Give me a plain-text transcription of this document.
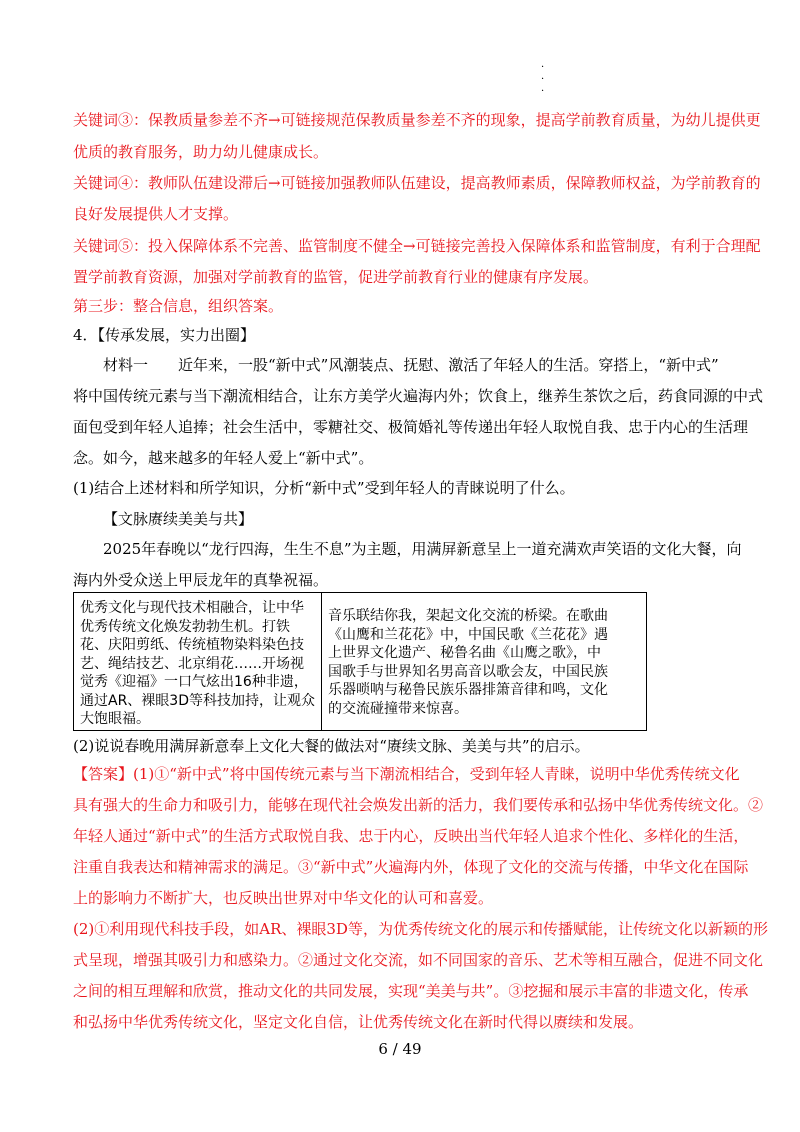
·
·
·
关键词③：保教质量参差不齐→可链接规范保教质量参差不齐的现象，提高学前教育质量，为幼儿提供更
优质的教育服务，助力幼儿健康成长。
关键词④：教师队伍建设滞后→可链接加强教师队伍建设，提高教师素质，保障教师权益，为学前教育的
良好发展提供人才支撑。
关键词⑤：投入保障体系不完善、监管制度不健全→可链接完善投入保障体系和监管制度，有利于合理配
置学前教育资源，加强对学前教育的监管，促进学前教育行业的健康有序发展。
第三步：整合信息，组织答案。
4．【传承发展，实力出圈】
材料一　　近年来，一股“新中式”风潮装点、抚慰、激活了年轻人的生活。穿搭上，“新中式”
将中国传统元素与当下潮流相结合，让东方美学火遍海内外；饮食上，继养生茶饮之后，药食同源的中式
面包受到年轻人追捧；社会生活中，零糖社交、极简婚礼等传递出年轻人取悦自我、忠于内心的生活理
念。如今，越来越多的年轻人爱上“新中式”。
(1)结合上述材料和所学知识，分析“新中式”受到年轻人的青睐说明了什么。
【文脉赓续美美与共】
2025年春晚以“龙行四海，生生不息”为主题，用满屏新意呈上一道充满欢声笑语的文化大餐，向
海内外受众送上甲辰龙年的真挚祝福。
优秀文化与现代技术相融合，让中华
优秀传统文化焕发勃勃生机。打铁
花、庆阳剪纸、传统植物染料染色技
艺、绳结技艺、北京绢花……开场视
觉秀《迎福》一口气炫出16种非遗，
通过AR、裸眼3D等科技加持，让观众
大饱眼福。
音乐联结你我，架起文化交流的桥梁。在歌曲
《山鹰和兰花花》中，中国民歌《兰花花》遇
上世界文化遗产、秘鲁名曲《山鹰之歌》，中
国歌手与世界知名男高音以歌会友，中国民族
乐器唢呐与秘鲁民族乐器排箫音律和鸣，文化
的交流碰撞带来惊喜。
(2)说说春晚用满屏新意奉上文化大餐的做法对“赓续文脉、美美与共”的启示。
【答案】(1)①“新中式”将中国传统元素与当下潮流相结合，受到年轻人青睐，说明中华优秀传统文化
具有强大的生命力和吸引力，能够在现代社会焕发出新的活力，我们要传承和弘扬中华优秀传统文化。②
年轻人通过“新中式”的生活方式取悦自我、忠于内心，反映出当代年轻人追求个性化、多样化的生活，
注重自我表达和精神需求的满足。③“新中式”火遍海内外，体现了文化的交流与传播，中华文化在国际
上的影响力不断扩大，也反映出世界对中华文化的认可和喜爱。
(2)①利用现代科技手段，如AR、裸眼3D等，为优秀传统文化的展示和传播赋能，让传统文化以新颖的形
式呈现，增强其吸引力和感染力。②通过文化交流，如不同国家的音乐、艺术等相互融合，促进不同文化
之间的相互理解和欣赏，推动文化的共同发展，实现“美美与共”。③挖掘和展示丰富的非遗文化，传承
和弘扬中华优秀传统文化，坚定文化自信，让优秀传统文化在新时代得以赓续和发展。
6 / 49
